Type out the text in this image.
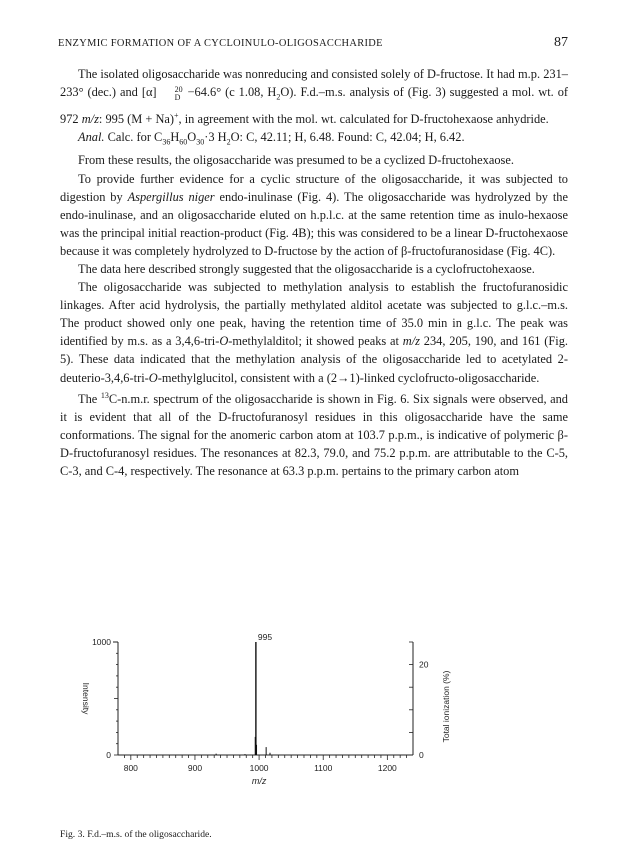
ENZYMIC FORMATION OF A CYCLOINULO-OLIGOSACCHARIDE	87

The isolated oligosaccharide was nonreducing and consisted solely of D-fructose. It had m.p. 231–233° (dec.) and [α]	20
D −64.6° (c 1.08, $H_2O$). F.d.–m.s. analysis of (Fig. 3) suggested a mol. wt. of 972 m/z: 995 (M + Na)+, in agreement with the mol. wt. calculated for D-fructohexaose anhydride.

Anal. Calc. for $C_{36}H_{60}O_{30}\cdot 3$ $H_2O$: C, 42.11; H, 6.48. Found: C, 42.04; H, 6.42.

From these results, the oligosaccharide was presumed to be a cyclized D-fructohexaose.

To provide further evidence for a cyclic structure of the oligosaccharide, it was subjected to digestion by Aspergillus niger endo-inulinase (Fig. 4). The oligosaccharide was hydrolyzed by the endo-inulinase, and an oligosaccharide eluted on h.p.l.c. at the same retention time as inulo-hexaose was the principal initial reaction-product (Fig. 4B); this was considered to be a linear D-fructohexaose because it was completely hydrolyzed to D-fructose by the action of β-fructofuranosidase (Fig. 4C).

The data here described strongly suggested that the oligosaccharide is a cyclofructohexaose.

The oligosaccharide was subjected to methylation analysis to establish the fructofuranosidic linkages. After acid hydrolysis, the partially methylated alditol acetate was subjected to g.l.c.–m.s. The product showed only one peak, having the retention time of 35.0 min in g.l.c. The peak was identified by m.s. as a 3,4,6-tri-O-methylalditol; it showed peaks at m/z 234, 205, 190, and 161 (Fig. 5). These data indicated that the methylation analysis of the oligosaccharide led to acetylated 2-deuterio-3,4,6-tri-O-methylglucitol, consistent with a (2→1)-linked cyclofructo-oligosaccharide.

The $^{13}$C-n.m.r. spectrum of the oligosaccharide is shown in Fig. 6. Six signals were observed, and it is evident that all of the D-fructofuranosyl residues in this oligosaccharide have the same conformations. The signal for the anomeric carbon atom at 103.7 p.p.m., is indicative of polymeric β-D-fructofuranosyl residues. The resonances at 82.3, 79.0, and 75.2 p.p.m. are attributable to the C-5, C-3, and C-4, respectively. The resonance at 63.3 p.p.m. pertains to the primary carbon atom

800	900	1000	1100	1200
0
1000
0
20
Intensity	Total ionization (%)
m/z
995
Fig. 3. F.d.–m.s. of the oligosaccharide.
